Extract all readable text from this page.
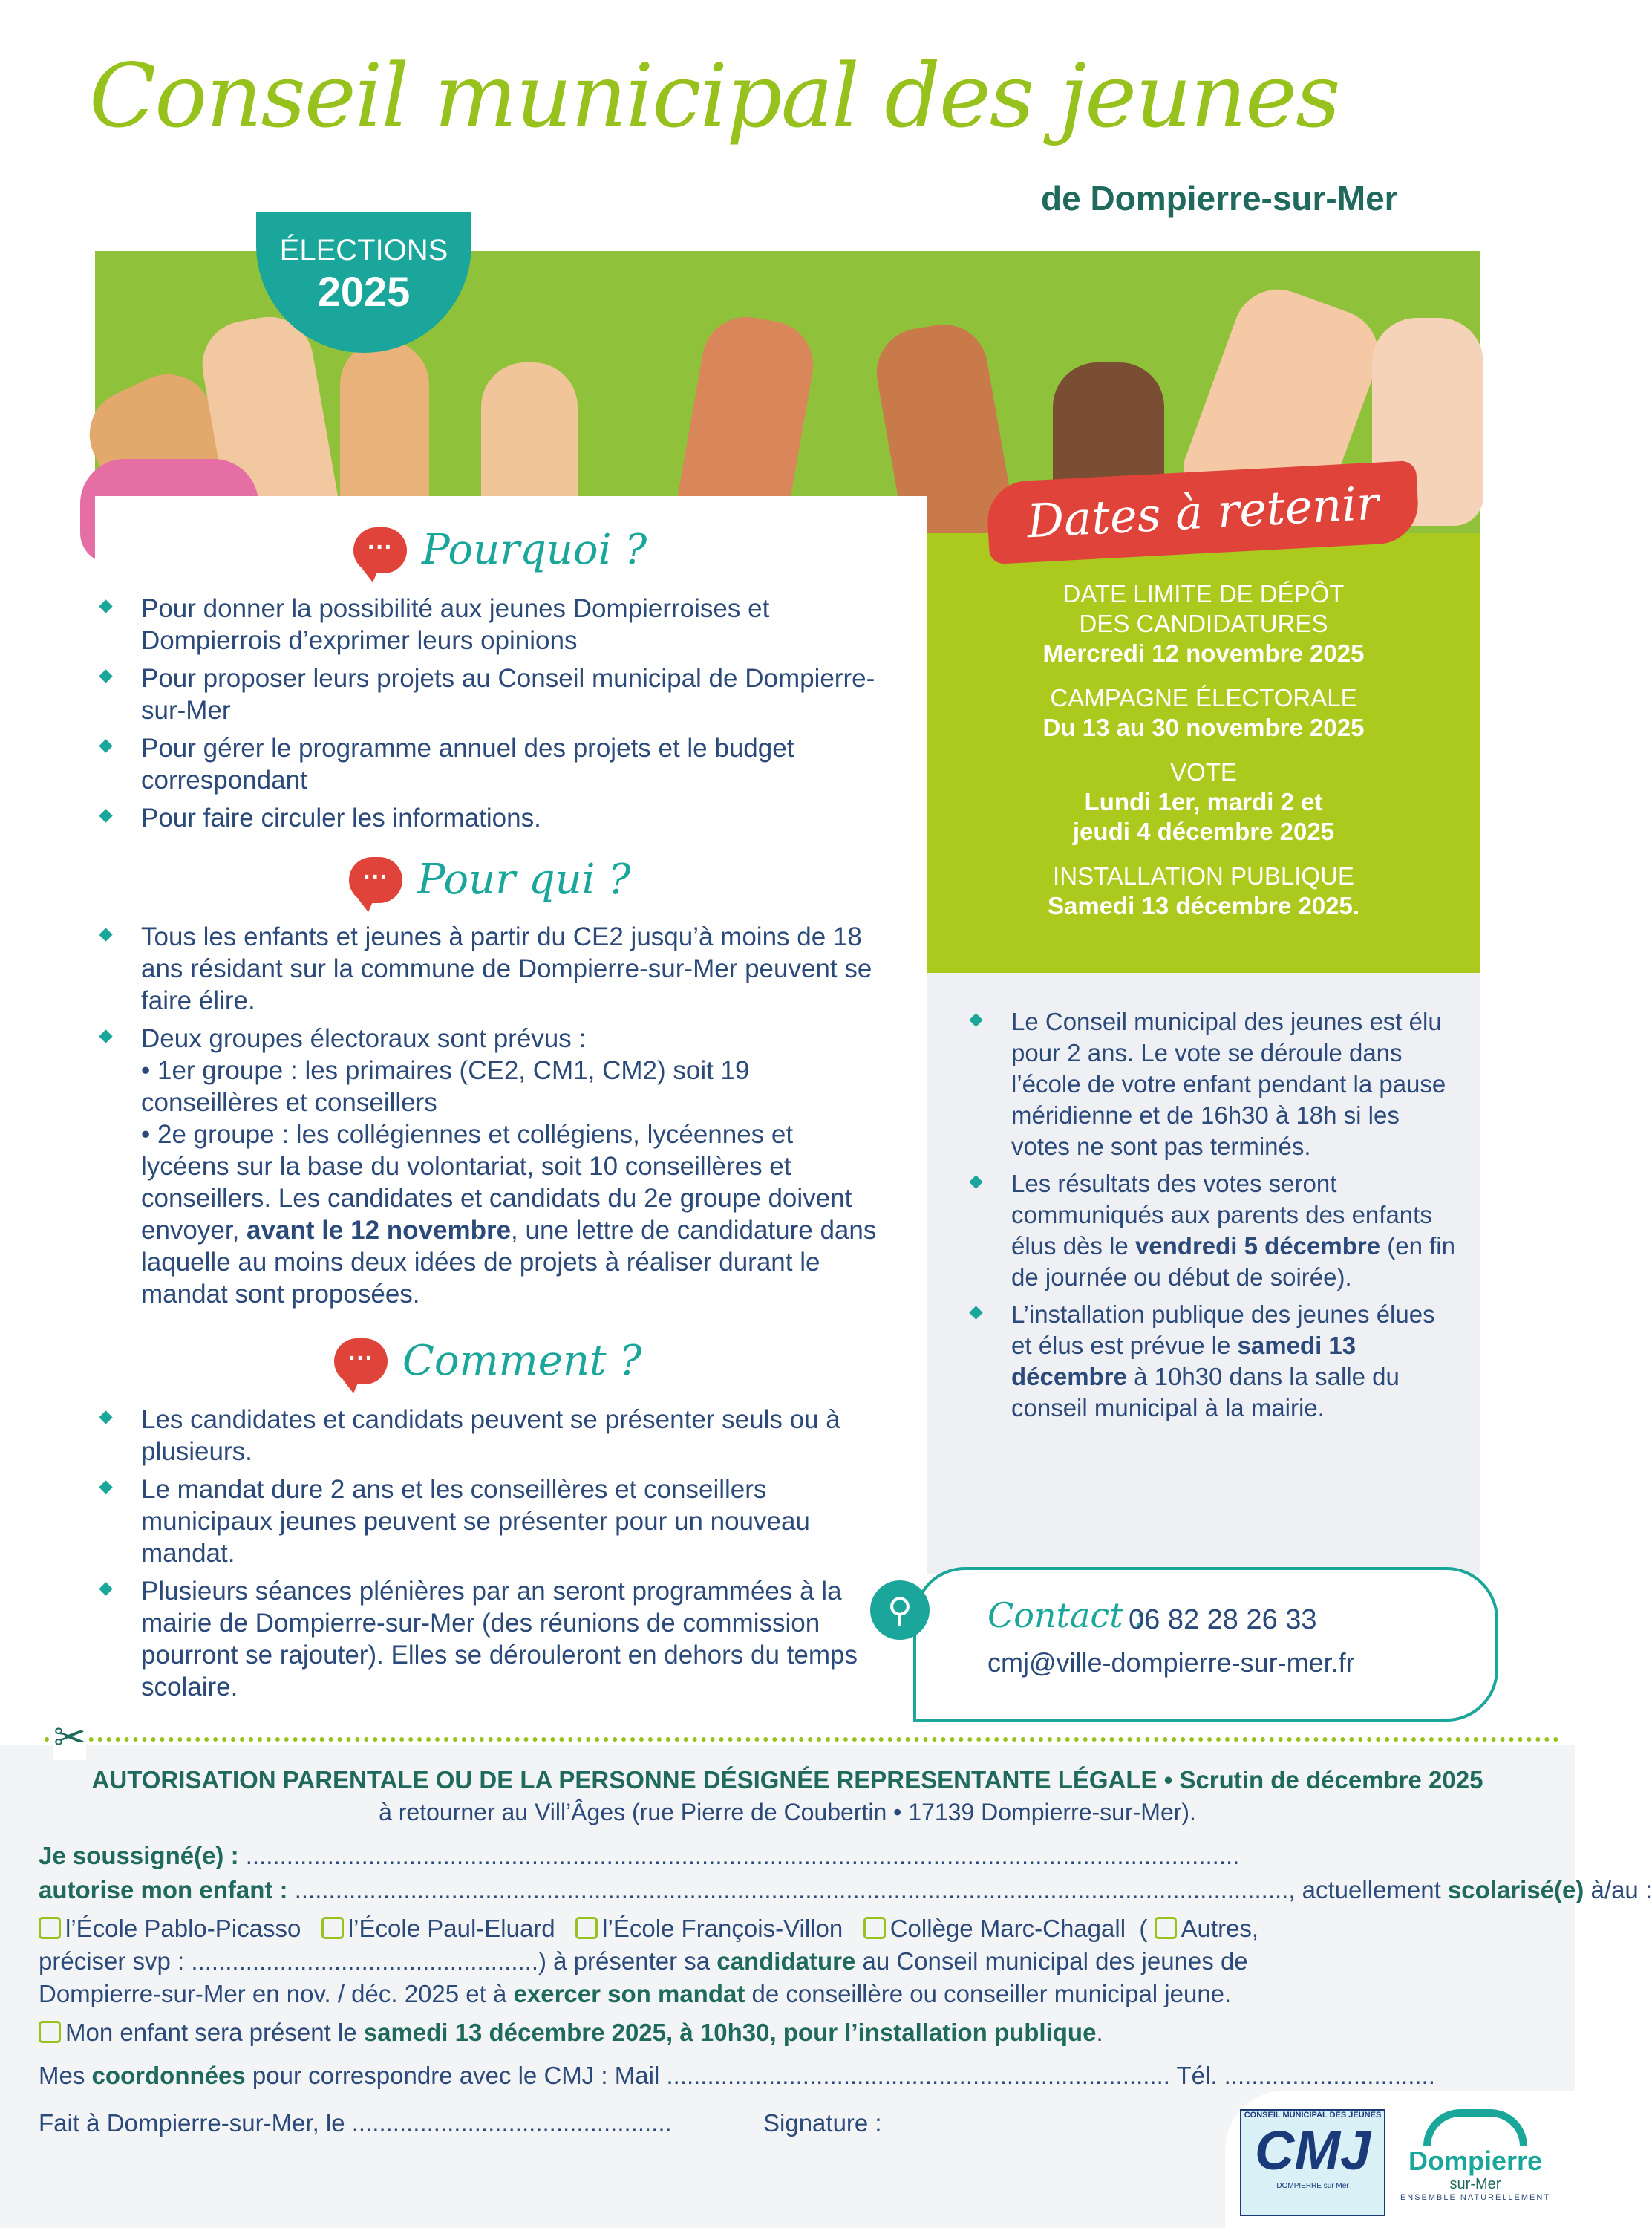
Conseil municipal des jeunes
de Dompierre-sur-Mer
ÉLECTIONS
2025
··· Pourquoi ?
Pour donner la possibilité aux jeunes Dompierroises et Dompierrois d’exprimer leurs opinions
Pour proposer leurs projets au Conseil municipal de Dompierre-sur-Mer
Pour gérer le programme annuel des projets et le budget correspondant
Pour faire circuler les informations.
··· Pour qui ?
Tous les enfants et jeunes à partir du CE2 jusqu’à moins de 18 ans résidant sur la commune de Dompierre-sur-Mer peuvent se faire élire.
Deux groupes électoraux sont prévus :
• 1er groupe : les primaires (CE2, CM1, CM2) soit 19 conseillères et conseillers
• 2e groupe : les collégiennes et collégiens, lycéennes et lycéens sur la base du volontariat, soit 10 conseillères et conseillers. Les candidates et candidats du 2e groupe doivent envoyer, avant le 12 novembre, une lettre de candidature dans laquelle au moins deux idées de projets à réaliser durant le mandat sont proposées.
··· Comment ?
Les candidates et candidats peuvent se présenter seuls ou à plusieurs.
Le mandat dure 2 ans et les conseillères et conseillers municipaux jeunes peuvent se présenter pour un nouveau mandat.
Plusieurs séances plénières par an seront programmées à la mairie de Dompierre-sur-Mer (des réunions de commission pourront se rajouter). Elles se dérouleront en dehors du temps scolaire.
DATE LIMITE DE DÉPÔT DES CANDIDATURES
Mercredi 12 novembre 2025
CAMPAGNE ÉLECTORALE
Du 13 au 30 novembre 2025
VOTE
Lundi 1er, mardi 2 et jeudi 4 décembre 2025
INSTALLATION PUBLIQUE
Samedi 13 décembre 2025.
Dates à retenir
Le Conseil municipal des jeunes est élu pour 2 ans. Le vote se déroule dans l’école de votre enfant pendant la pause méridienne et de 16h30 à 18h si les votes ne sont pas terminés.
Les résultats des votes seront communiqués aux parents des enfants élus dès le vendredi 5 décembre (en fin de journée ou début de soirée).
L’installation publique des jeunes élues et élus est prévue le samedi 13 décembre à 10h30 dans la salle du conseil municipal à la mairie.
⚲	Contact :
06 82 28 26 33
cmj@ville-dompierre-sur-mer.fr
✂
AUTORISATION PARENTALE OU DE LA PERSONNE DÉSIGNÉE REPRESENTANTE LÉGALE • Scrutin de décembre 2025
à retourner au Vill’Âges (rue Pierre de Coubertin • 17139 Dompierre-sur-Mer).
Je soussigné(e) : ..................................................................................................................................................
autorise mon enfant : .................................................................................................................................................., actuellement scolarisé(e) à/au :
l’École Pablo-Picasso l’École Paul-Eluard l’École François-Villon Collège Marc-Chagall ( Autres,
préciser svp : ...................................................) à présenter sa candidature au Conseil municipal des jeunes de
Dompierre-sur-Mer en nov. / déc. 2025 et à exercer son mandat de conseillère ou conseiller municipal jeune.
Mon enfant sera présent le samedi 13 décembre 2025, à 10h30, pour l’installation publique.
Mes coordonnées pour correspondre avec le CMJ : Mail .......................................................................... Tél. ...............................
Fait à Dompierre-sur-Mer, le ...............................................	Signature :	CONSEIL MUNICIPAL DES JEUNES
CMJ
DOMPIERRE sur Mer
Dompierre
sur-Mer
ENSEMBLE NATURELLEMENT
